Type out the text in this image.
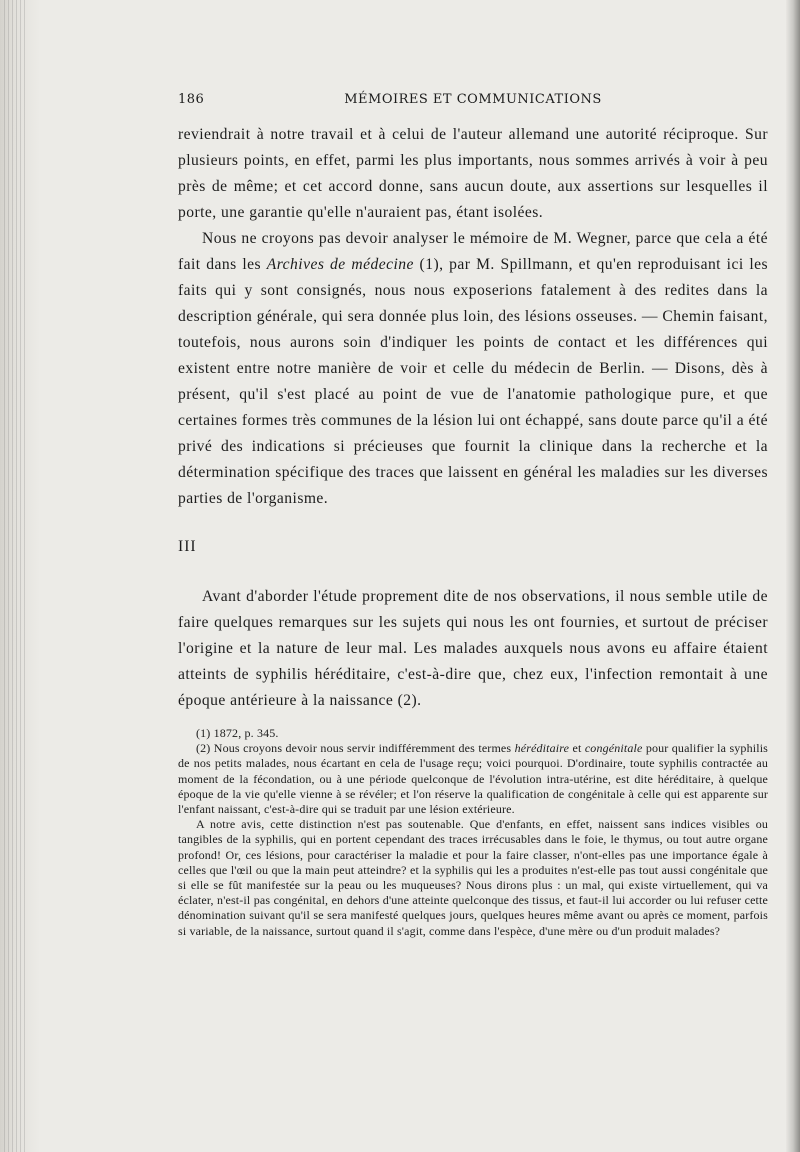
186	MÉMOIRES ET COMMUNICATIONS

reviendrait à notre travail et à celui de l'auteur allemand une autorité réciproque. Sur plusieurs points, en effet, parmi les plus importants, nous sommes arrivés à voir à peu près de même; et cet accord donne, sans aucun doute, aux assertions sur lesquelles il porte, une garantie qu'elle n'auraient pas, étant isolées.

Nous ne croyons pas devoir analyser le mémoire de M. Wegner, parce que cela a été fait dans les Archives de médecine (1), par M. Spillmann, et qu'en reproduisant ici les faits qui y sont consignés, nous nous exposerions fatalement à des redites dans la description générale, qui sera donnée plus loin, des lésions osseuses. — Chemin faisant, toutefois, nous aurons soin d'indiquer les points de contact et les différences qui existent entre notre manière de voir et celle du médecin de Berlin. — Disons, dès à présent, qu'il s'est placé au point de vue de l'anatomie pathologique pure, et que certaines formes très communes de la lésion lui ont échappé, sans doute parce qu'il a été privé des indications si précieuses que fournit la clinique dans la recherche et la détermination spécifique des traces que laissent en général les maladies sur les diverses parties de l'organisme.

III

Avant d'aborder l'étude proprement dite de nos observations, il nous semble utile de faire quelques remarques sur les sujets qui nous les ont fournies, et surtout de préciser l'origine et la nature de leur mal. Les malades auxquels nous avons eu affaire étaient atteints de syphilis héréditaire, c'est-à-dire que, chez eux, l'infection remontait à une époque antérieure à la naissance (2).

(1) 1872, p. 345.

(2) Nous croyons devoir nous servir indifféremment des termes héréditaire et congénitale pour qualifier la syphilis de nos petits malades, nous écartant en cela de l'usage reçu; voici pourquoi. D'ordinaire, toute syphilis contractée au moment de la fécondation, ou à une période quelconque de l'évolution intra-utérine, est dite héréditaire, à quelque époque de la vie qu'elle vienne à se révéler; et l'on réserve la qualification de congénitale à celle qui est apparente sur l'enfant naissant, c'est-à-dire qui se traduit par une lésion extérieure.

A notre avis, cette distinction n'est pas soutenable. Que d'enfants, en effet, naissent sans indices visibles ou tangibles de la syphilis, qui en portent cependant des traces irrécusables dans le foie, le thymus, ou tout autre organe profond! Or, ces lésions, pour caractériser la maladie et pour la faire classer, n'ont-elles pas une importance égale à celles que l'œil ou que la main peut atteindre? et la syphilis qui les a produites n'est-elle pas tout aussi congénitale que si elle se fût manifestée sur la peau ou les muqueuses? Nous dirons plus : un mal, qui existe virtuellement, qui va éclater, n'est-il pas congénital, en dehors d'une atteinte quelconque des tissus, et faut-il lui accorder ou lui refuser cette dénomination suivant qu'il se sera manifesté quelques jours, quelques heures même avant ou après ce moment, parfois si variable, de la naissance, surtout quand il s'agit, comme dans l'espèce, d'une mère ou d'un produit malades?
